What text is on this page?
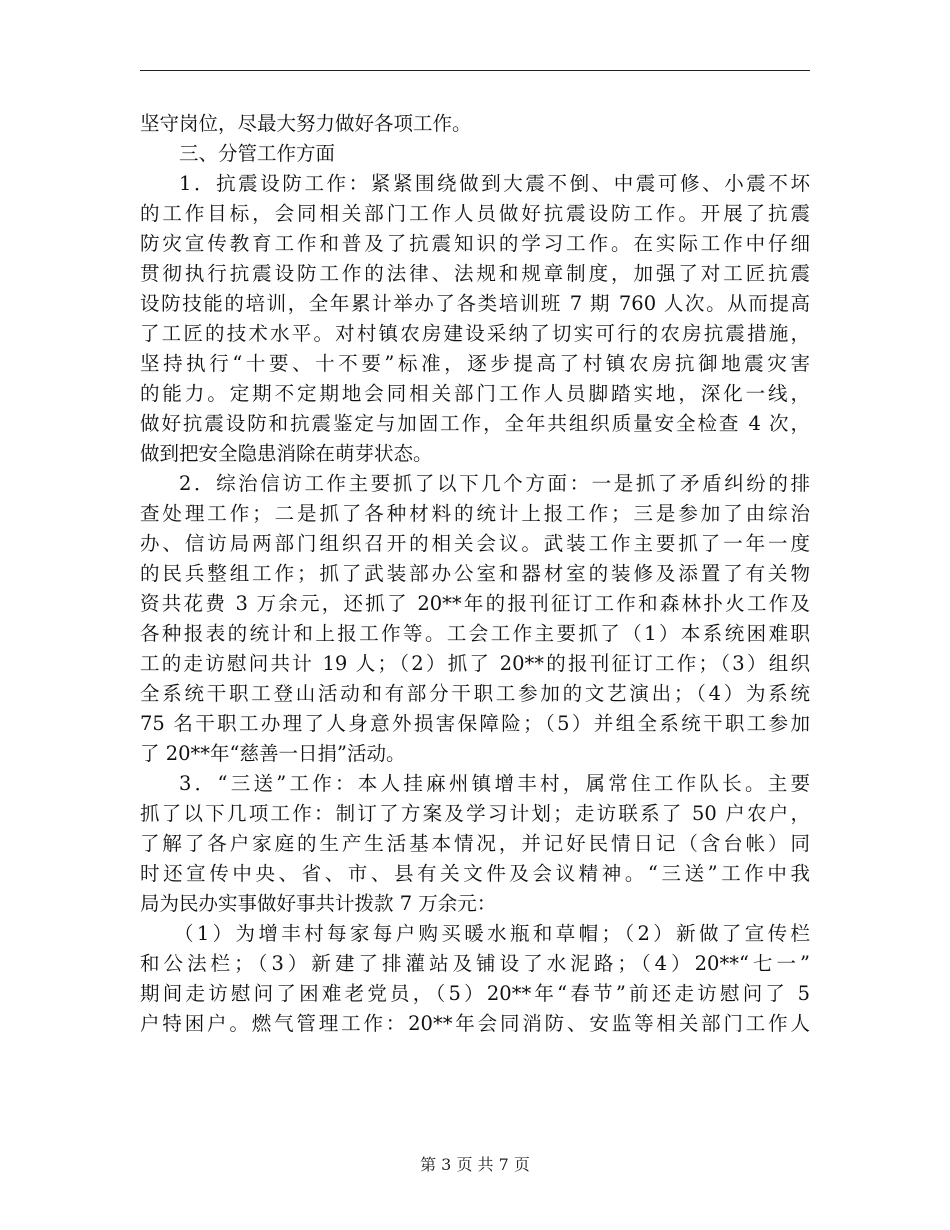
坚守岗位，尽最大努力做好各项工作。
三、分管工作方面
1．抗震设防工作：紧紧围绕做到大震不倒、中震可修、小震不坏
的工作目标，会同相关部门工作人员做好抗震设防工作。开展了抗震
防灾宣传教育工作和普及了抗震知识的学习工作。在实际工作中仔细
贯彻执行抗震设防工作的法律、法规和规章制度，加强了对工匠抗震
设防技能的培训，全年累计举办了各类培训班 7 期 760 人次。从而提高
了工匠的技术水平。对村镇农房建设采纳了切实可行的农房抗震措施，
坚持执行“十要、十不要”标准，逐步提高了村镇农房抗御地震灾害
的能力。定期不定期地会同相关部门工作人员脚踏实地，深化一线，
做好抗震设防和抗震鉴定与加固工作，全年共组织质量安全检查 4 次，
做到把安全隐患消除在萌芽状态。
2．综治信访工作主要抓了以下几个方面：一是抓了矛盾纠纷的排
查处理工作；二是抓了各种材料的统计上报工作；三是参加了由综治
办、信访局两部门组织召开的相关会议。武装工作主要抓了一年一度
的民兵整组工作；抓了武装部办公室和器材室的装修及添置了有关物
资共花费 3 万余元，还抓了 20**年的报刊征订工作和森林扑火工作及
各种报表的统计和上报工作等。工会工作主要抓了（1）本系统困难职
工的走访慰问共计 19 人；（2）抓了 20**的报刊征订工作；（3）组织
全系统干职工登山活动和有部分干职工参加的文艺演出；（4）为系统
75 名干职工办理了人身意外损害保障险；（5）并组全系统干职工参加
了 20**年“慈善一日捐”活动。
3．“三送”工作：本人挂麻州镇增丰村，属常住工作队长。主要
抓了以下几项工作：制订了方案及学习计划；走访联系了 50 户农户，
了解了各户家庭的生产生活基本情况，并记好民情日记（含台帐）同
时还宣传中央、省、市、县有关文件及会议精神。“三送”工作中我
局为民办实事做好事共计拨款 7 万余元：
（1）为增丰村每家每户购买暖水瓶和草帽；（2）新做了宣传栏
和公法栏；（3）新建了排灌站及铺设了水泥路；（4）20**“七一”
期间走访慰问了困难老党员，（5）20**年“春节”前还走访慰问了 5
户特困户。燃气管理工作：20**年会同消防、安监等相关部门工作人
第 3 页 共 7 页
